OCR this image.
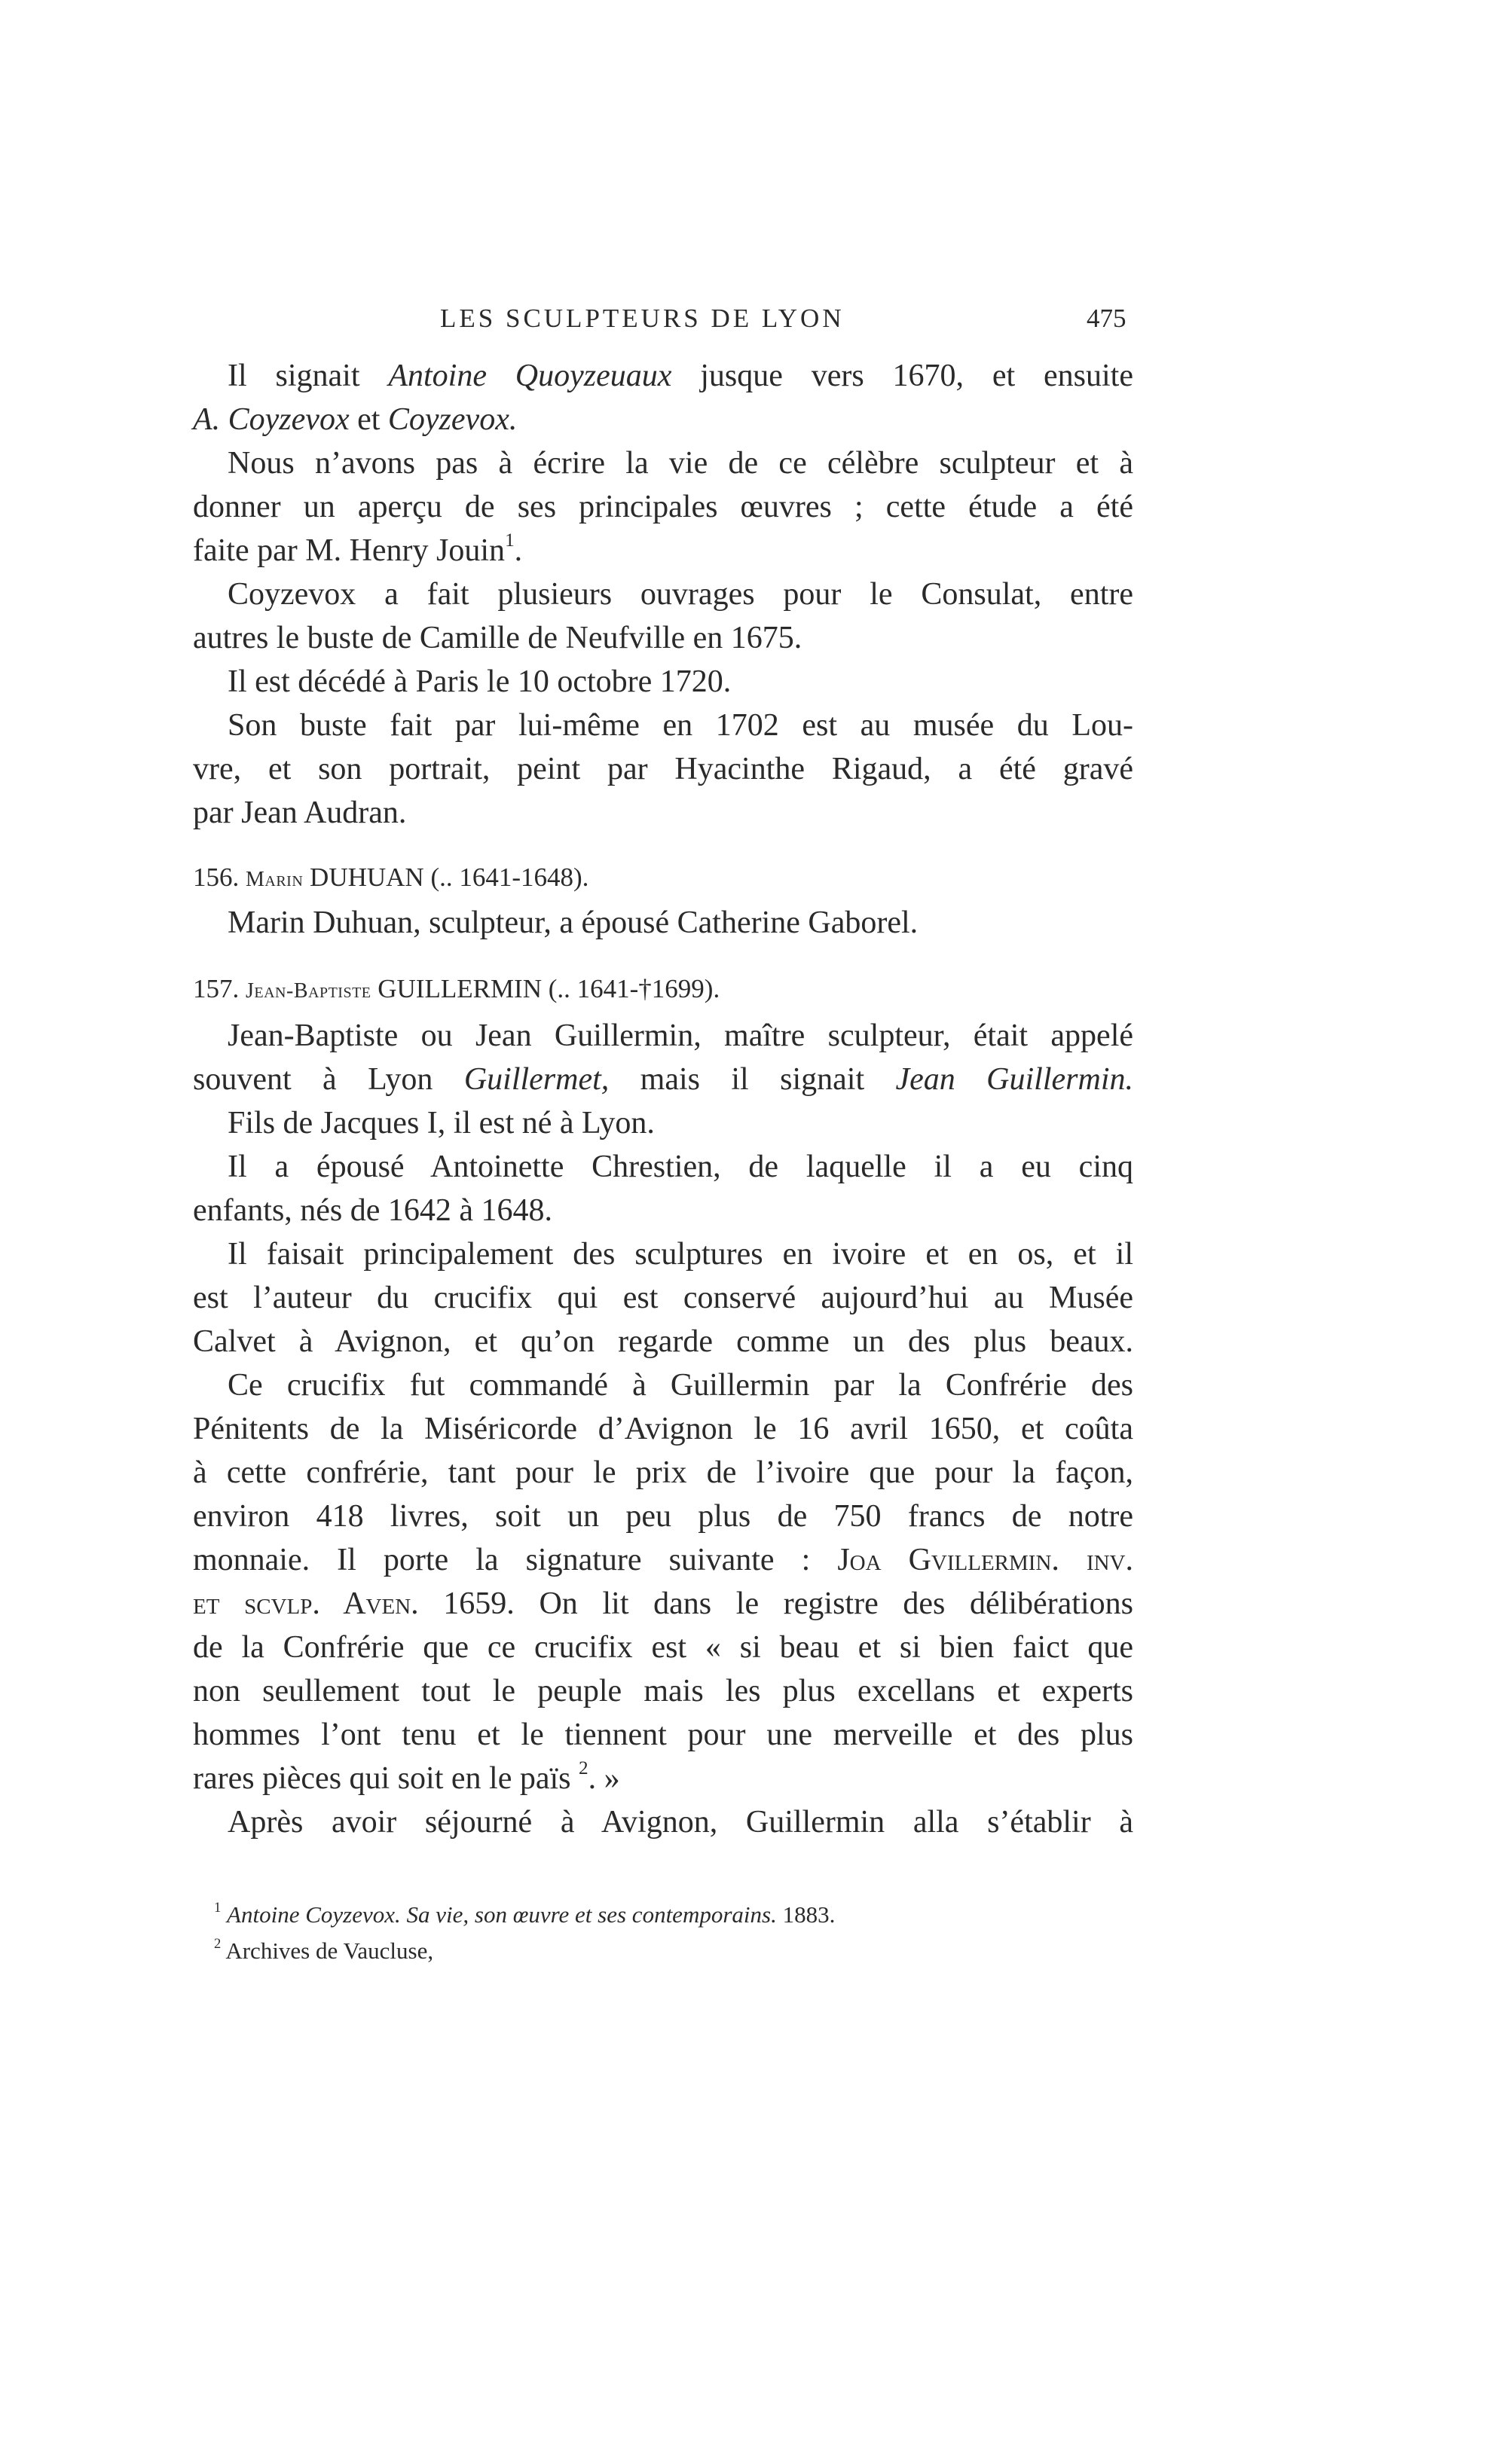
LES SCULPTEURS DE LYON	475
Il signait Antoine Quoyzeuaux jusque vers 1670, et ensuite
A. Coyzevox et Coyzevox.
Nous n’avons pas à écrire la vie de ce célèbre sculpteur et à
donner un aperçu de ses principales œuvres ; cette étude a été
faite par M. Henry Jouin$^1$.
Coyzevox a fait plusieurs ouvrages pour le Consulat, entre
autres le buste de Camille de Neufville en 1675.
Il est décédé à Paris le 10 octobre 1720.
Son buste fait par lui-même en 1702 est au musée du Lou-
vre, et son portrait, peint par Hyacinthe Rigaud, a été gravé
par Jean Audran.
156. Marin DUHUAN (.. 1641-1648).
Marin Duhuan, sculpteur, a épousé Catherine Gaborel.
157. Jean-Baptiste GUILLERMIN (.. 1641-†1699).
Jean-Baptiste ou Jean Guillermin, maître sculpteur, était appelé
souvent à Lyon Guillermet, mais il signait Jean Guillermin.
Fils de Jacques I, il est né à Lyon.
Il a épousé Antoinette Chrestien, de laquelle il a eu cinq
enfants, nés de 1642 à 1648.
Il faisait principalement des sculptures en ivoire et en os, et il
est l’auteur du crucifix qui est conservé aujourd’hui au Musée
Calvet à Avignon, et qu’on regarde comme un des plus beaux.
Ce crucifix fut commandé à Guillermin par la Confrérie des
Pénitents de la Miséricorde d’Avignon le 16 avril 1650, et coûta
à cette confrérie, tant pour le prix de l’ivoire que pour la façon,
environ 418 livres, soit un peu plus de 750 francs de notre
monnaie. Il porte la signature suivante : Joa Gvillermin. inv.
et scvlp. Aven. 1659. On lit dans le registre des délibérations
de la Confrérie que ce crucifix est « si beau et si bien faict que
non seullement tout le peuple mais les plus excellans et experts
hommes l’ont tenu et le tiennent pour une merveille et des plus
rares pièces qui soit en le païs $^2$. »
Après avoir séjourné à Avignon, Guillermin alla s’établir à
$^1$ Antoine Coyzevox. Sa vie, son œuvre et ses contemporains. 1883.
$^2$ Archives de Vaucluse,
